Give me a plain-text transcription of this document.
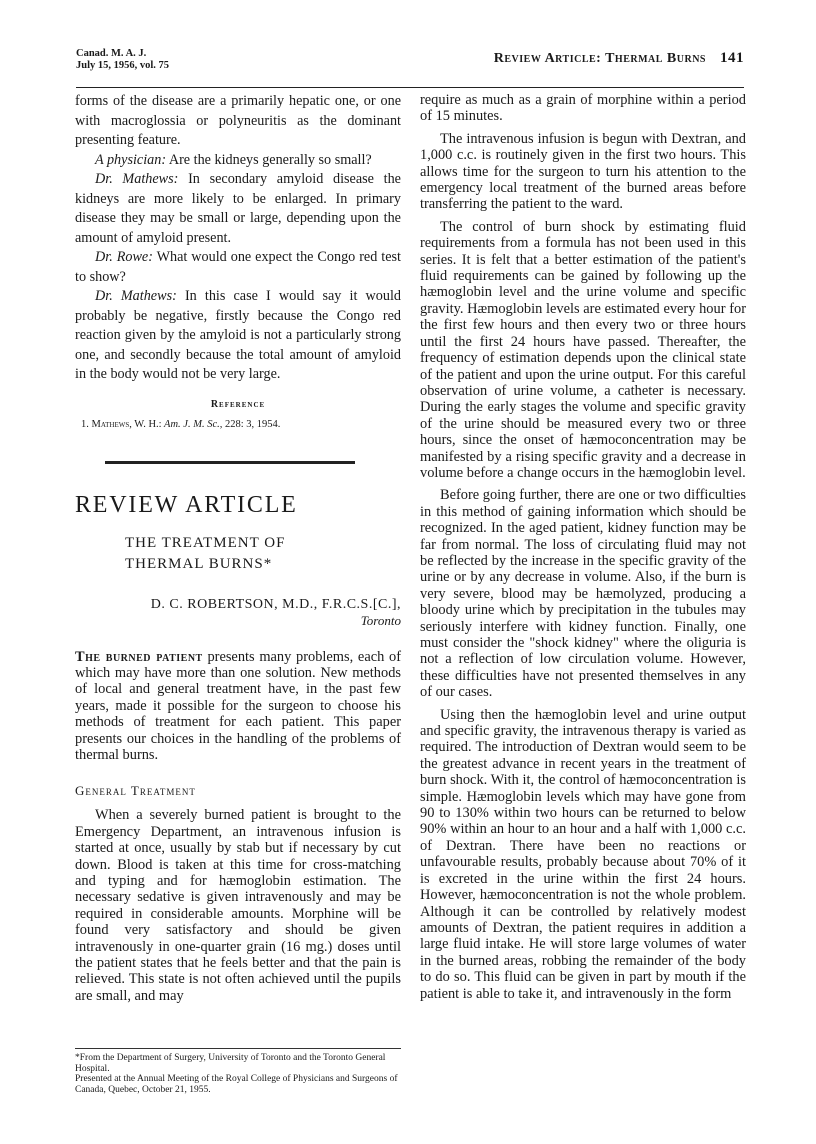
Canad. M. A. J.
July 15, 1956, vol. 75	Review Article: Thermal Burns 141

forms of the disease are a primarily hepatic one, or one with macroglossia or polyneuritis as the dominant presenting feature.

A physician: Are the kidneys generally so small?

Dr. Mathews: In secondary amyloid disease the kidneys are more likely to be enlarged. In primary disease they may be small or large, depending upon the amount of amyloid present.

Dr. Rowe: What would one expect the Congo red test to show?

Dr. Mathews: In this case I would say it would probably be negative, firstly because the Congo red reaction given by the amyloid is not a particularly strong one, and secondly because the total amount of amyloid in the body would not be very large.

Reference
1. Mathews, W. H.: Am. J. M. Sc., 228: 3, 1954.
REVIEW ARTICLE
THE TREATMENT OF
THERMAL BURNS*
D. C. ROBERTSON, M.D., F.R.C.S.[C.],
Toronto

The burned patient presents many problems, each of which may have more than one solution. New methods of local and general treatment have, in the past few years, made it possible for the surgeon to choose his methods of treatment for each patient. This paper presents our choices in the handling of the problems of thermal burns.

General Treatment

When a severely burned patient is brought to the Emergency Department, an intravenous infusion is started at once, usually by stab but if necessary by cut down. Blood is taken at this time for cross-matching and typing and for hæmoglobin estimation. The necessary sedative is given intravenously and may be required in considerable amounts. Morphine will be found very satisfactory and should be given intravenously in one-quarter grain (16 mg.) doses until the patient states that he feels better and that the pain is relieved. This state is not often achieved until the pupils are small, and may

*From the Department of Surgery, University of Toronto and the Toronto General Hospital.

Presented at the Annual Meeting of the Royal College of Physicians and Surgeons of Canada, Quebec, October 21, 1955.

require as much as a grain of morphine within a period of 15 minutes.

The intravenous infusion is begun with Dextran, and 1,000 c.c. is routinely given in the first two hours. This allows time for the surgeon to turn his attention to the emergency local treatment of the burned areas before transferring the patient to the ward.

The control of burn shock by estimating fluid requirements from a formula has not been used in this series. It is felt that a better estimation of the patient's fluid requirements can be gained by following up the hæmoglobin level and the urine volume and specific gravity. Hæmoglobin levels are estimated every hour for the first few hours and then every two or three hours until the first 24 hours have passed. Thereafter, the frequency of estimation depends upon the clinical state of the patient and upon the urine output. For this careful observation of urine volume, a catheter is necessary. During the early stages the volume and specific gravity of the urine should be measured every two or three hours, since the onset of hæmoconcentration may be manifested by a rising specific gravity and a decrease in volume before a change occurs in the hæmoglobin level.

Before going further, there are one or two difficulties in this method of gaining information which should be recognized. In the aged patient, kidney function may be far from normal. The loss of circulating fluid may not be reflected by the increase in the specific gravity of the urine or by any decrease in volume. Also, if the burn is very severe, blood may be hæmolyzed, producing a bloody urine which by precipitation in the tubules may seriously interfere with kidney function. Finally, one must consider the "shock kidney" where the oliguria is not a reflection of low circulation volume. However, these difficulties have not presented themselves in any of our cases.

Using then the hæmoglobin level and urine output and specific gravity, the intravenous therapy is varied as required. The introduction of Dextran would seem to be the greatest advance in recent years in the treatment of burn shock. With it, the control of hæmoconcentration is simple. Hæmoglobin levels which may have gone from 90 to 130% within two hours can be returned to below 90% within an hour to an hour and a half with 1,000 c.c. of Dextran. There have been no reactions or unfavourable results, probably because about 70% of it is excreted in the urine within the first 24 hours. However, hæmoconcentration is not the whole problem. Although it can be controlled by relatively modest amounts of Dextran, the patient requires in addition a large fluid intake. He will store large volumes of water in the burned areas, robbing the remainder of the body to do so. This fluid can be given in part by mouth if the patient is able to take it, and intravenously in the form
